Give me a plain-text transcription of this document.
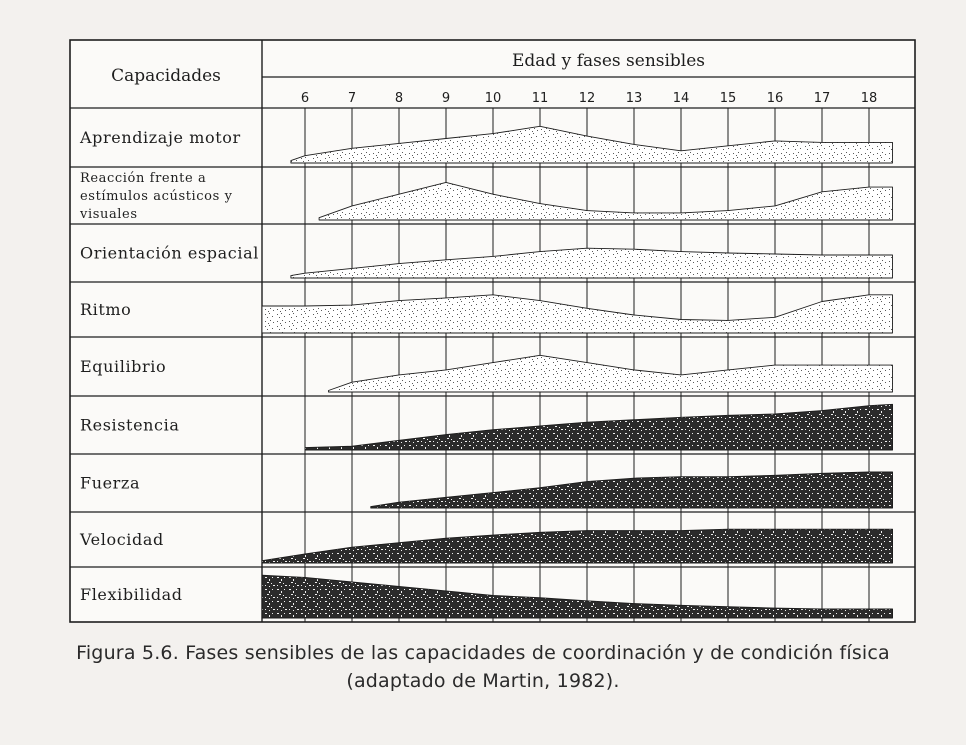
Capacidades
Edad y fases sensibles
6	7	8	9	10 11 12 13 14 15 16 17 18
Aprendizaje motor
Reacción frente a
estímulos acústicos y
visuales
Orientación espacial
Ritmo
Equilibrio
Resistencia
Fuerza
Velocidad
Flexibilidad
Figura 5.6. Fases sensibles de las capacidades de coordinación y de condición física
(adaptado de Martin, 1982).
